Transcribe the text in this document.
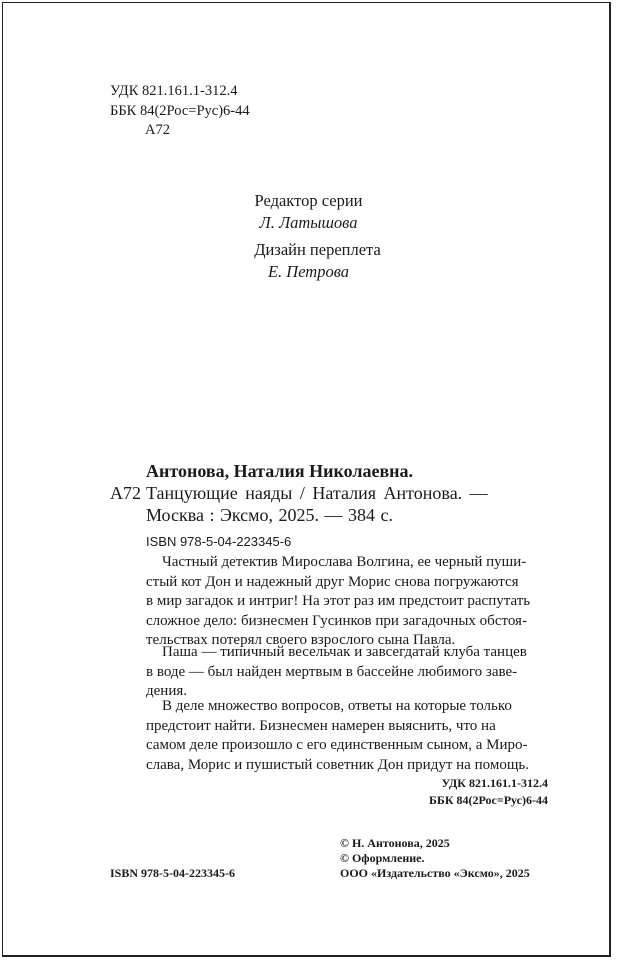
УДК 821.161.1-312.4
ББК 84(2Рос=Рус)6-44
А72
Редактор серии
Л. Латышова
Дизайн переплета
Е. Петрова
Антонова, Наталия Николаевна.
А72 Танцующие наяды / Наталия Антонова. —
Москва : Эксмо, 2025. — 384 с.
ISBN 978-5-04-223345-6
Частный детектив Мирослава Волгина, ее черный пуши-
стый кот Дон и надежный друг Морис снова погружаются
в мир загадок и интриг! На этот раз им предстоит распутать
сложное дело: бизнесмен Гусинков при загадочных обстоя-
тельствах потерял своего взрослого сына Павла.
Паша — типичный весельчак и завсегдатай клуба танцев
в воде — был найден мертвым в бассейне любимого заве-
дения.
В деле множество вопросов, ответы на которые только
предстоит найти. Бизнесмен намерен выяснить, что на
самом деле произошло с его единственным сыном, а Миро-
слава, Морис и пушистый советник Дон придут на помощь.
УДК 821.161.1-312.4
ББК 84(2Рос=Рус)6-44
© Н. Антонова, 2025
© Оформление.
ООО «Издательство «Эксмо», 2025
ISBN 978-5-04-223345-6
